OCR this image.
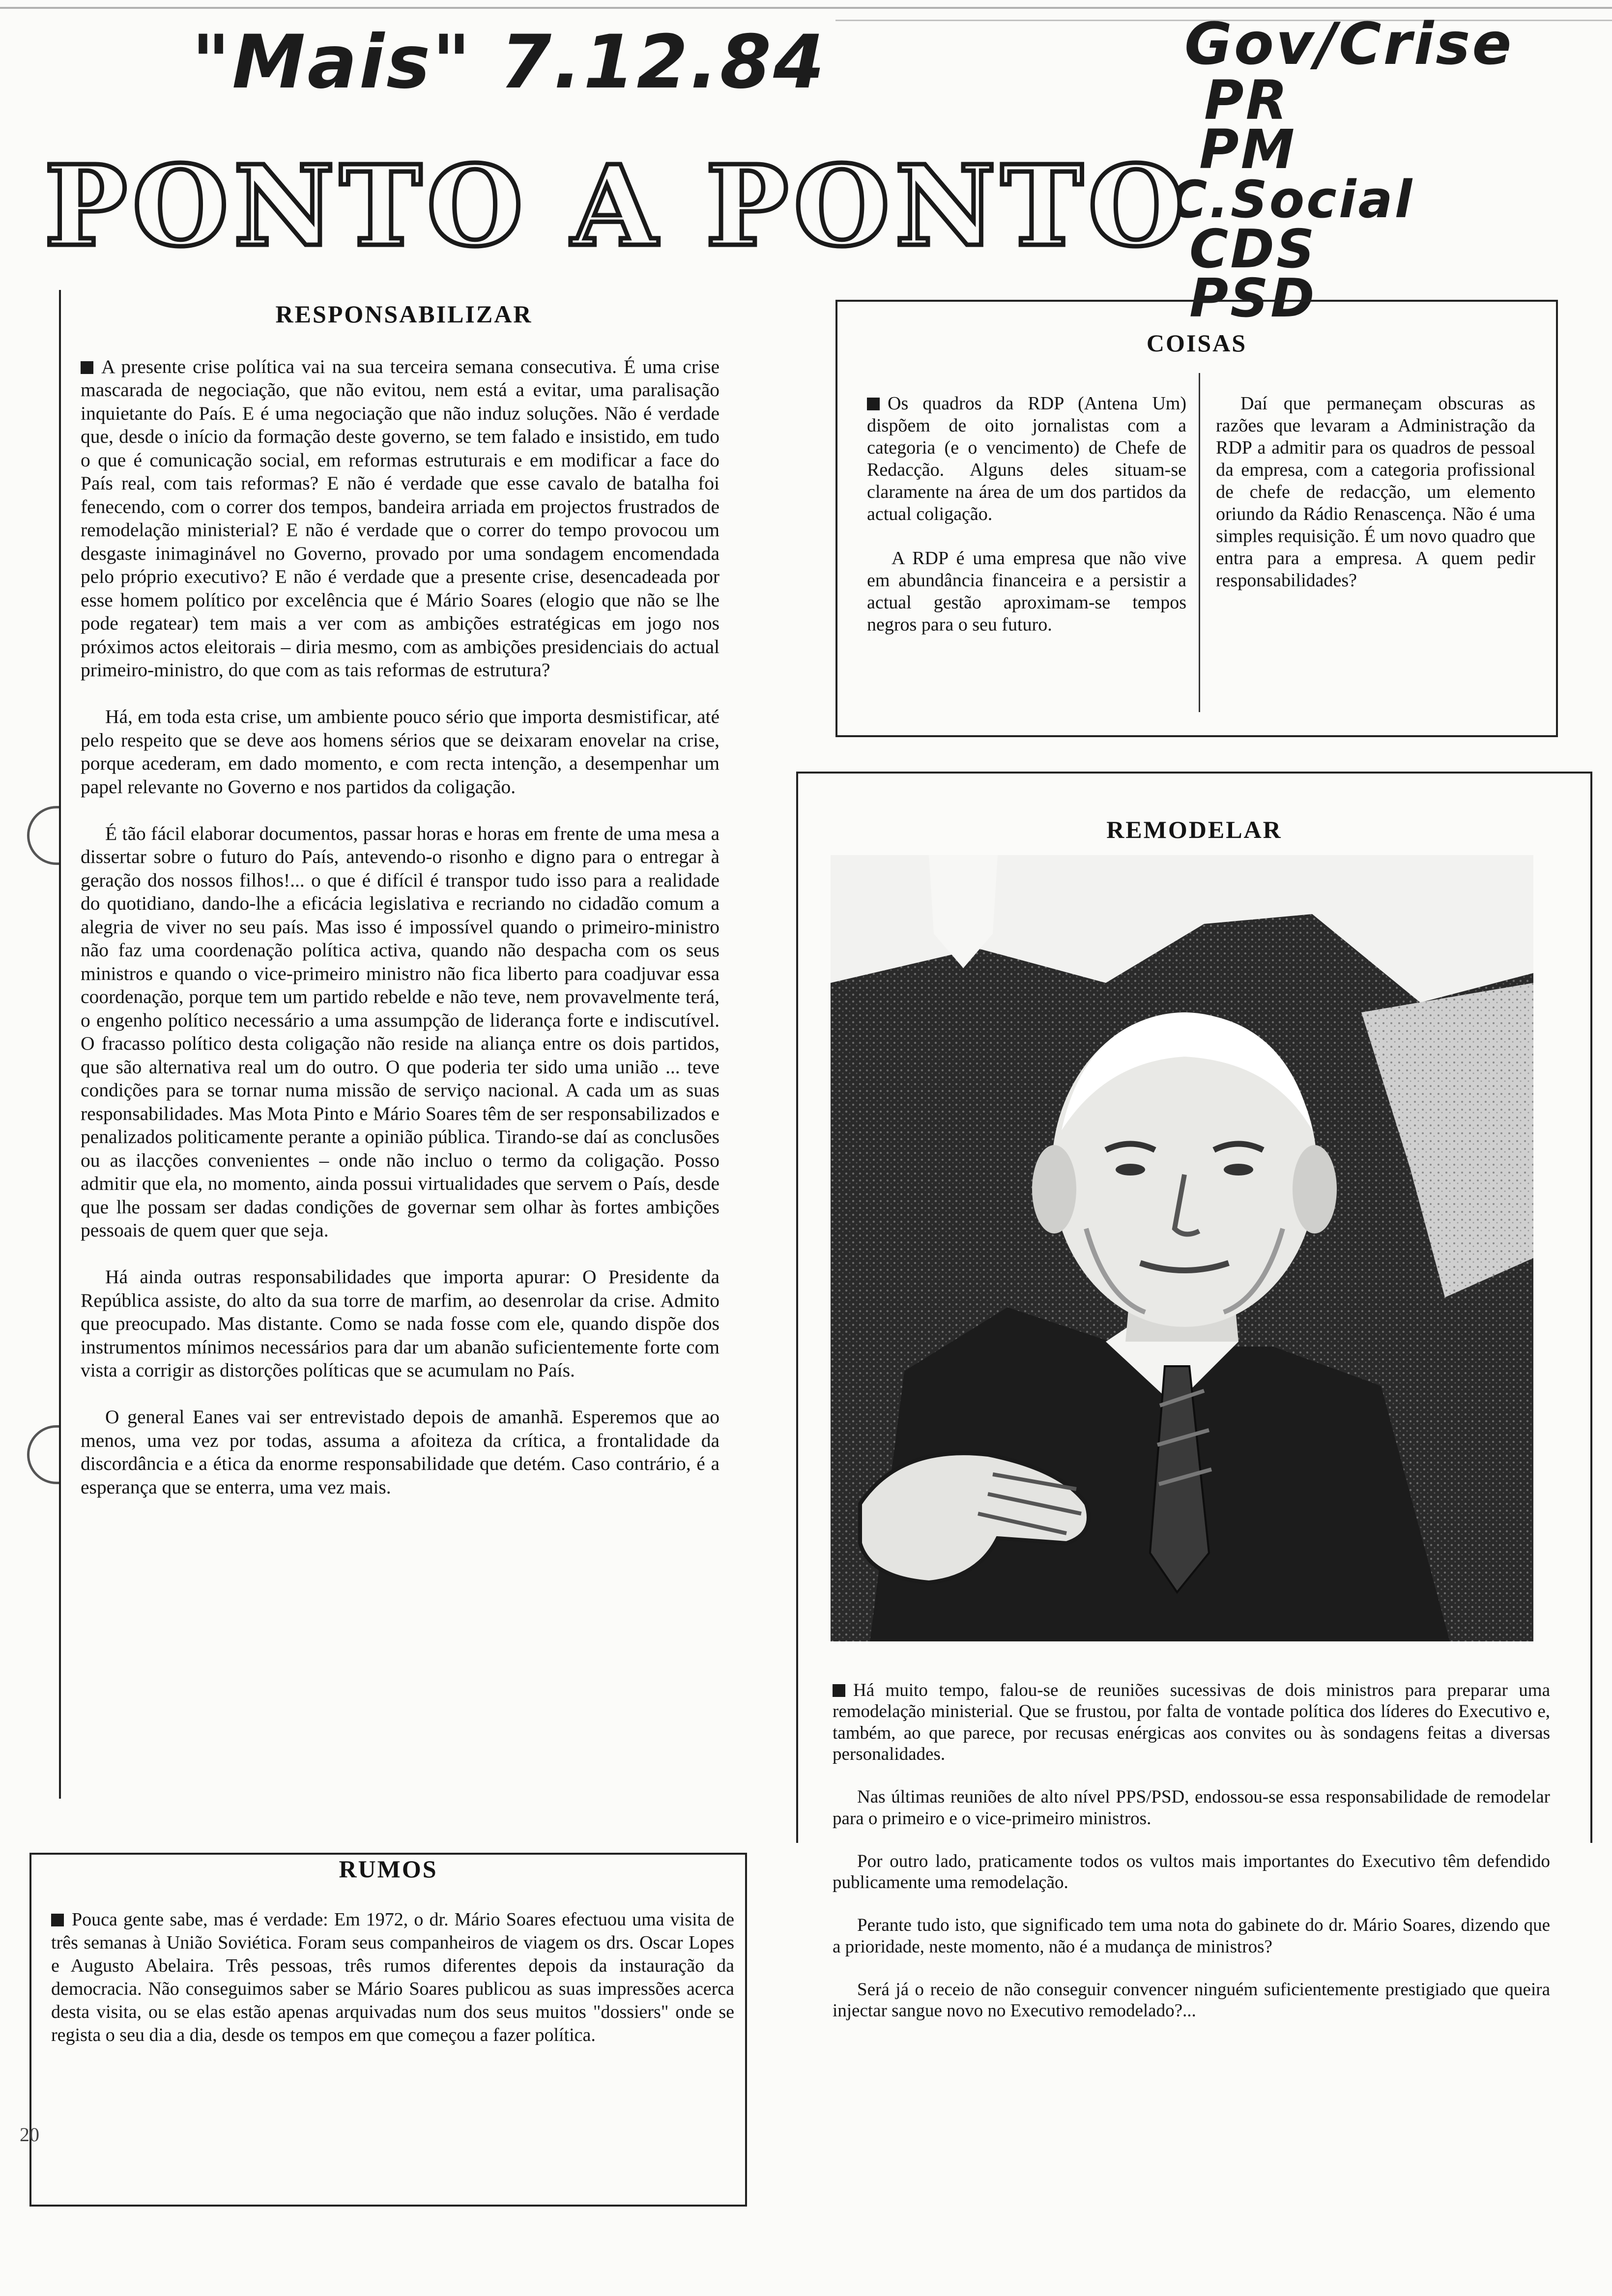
"Mais" 7.12.84	Gov/Crise
PR
PM
C.Social
CDS
PSD
PONTO A PONTO
RESPONSABILIZAR

A presente crise política vai na sua terceira semana consecutiva. É uma crise mascarada de negociação, que não evitou, nem está a evitar, uma paralisação inquietante do País. E é uma negociação que não induz soluções. Não é verdade que, desde o início da formação deste governo, se tem falado e insistido, em tudo o que é comunicação social, em reformas estruturais e em modificar a face do País real, com tais reformas? E não é verdade que esse cavalo de batalha foi fenecendo, com o correr dos tempos, bandeira arriada em projectos frustrados de remodelação ministerial? E não é verdade que o correr do tempo provocou um desgaste inimaginável no Governo, provado por uma sondagem encomendada pelo próprio executivo? E não é verdade que a presente crise, desencadeada por esse homem político por excelência que é Mário Soares (elogio que não se lhe pode regatear) tem mais a ver com as ambições estratégicas em jogo nos próximos actos eleitorais – diria mesmo, com as ambições presidenciais do actual primeiro-ministro, do que com as tais reformas de estrutura?

Há, em toda esta crise, um ambiente pouco sério que importa desmistificar, até pelo respeito que se deve aos homens sérios que se deixaram enovelar na crise, porque acederam, em dado momento, e com recta intenção, a desempenhar um papel relevante no Governo e nos partidos da coligação.

É tão fácil elaborar documentos, passar horas e horas em frente de uma mesa a dissertar sobre o futuro do País, antevendo-o risonho e digno para o entregar à geração dos nossos filhos!... o que é difícil é transpor tudo isso para a realidade do quotidiano, dando-lhe a eficácia legislativa e recriando no cidadão comum a alegria de viver no seu país. Mas isso é impossível quando o primeiro-ministro não faz uma coordenação política activa, quando não despacha com os seus ministros e quando o vice-primeiro ministro não fica liberto para coadjuvar essa coordenação, porque tem um partido rebelde e não teve, nem provavelmente terá, o engenho político necessário a uma assumpção de liderança forte e indiscutível. O fracasso político desta coligação não reside na aliança entre os dois partidos, que são alternativa real um do outro. O que poderia ter sido uma união ... teve condições para se tornar numa missão de serviço nacional. A cada um as suas responsabilidades. Mas Mota Pinto e Mário Soares têm de ser responsabilizados e penalizados politicamente perante a opinião pública. Tirando-se daí as conclusões ou as ilacções convenientes – onde não incluo o termo da coligação. Posso admitir que ela, no momento, ainda possui virtualidades que servem o País, desde que lhe possam ser dadas condições de governar sem olhar às fortes ambições pessoais de quem quer que seja.

Há ainda outras responsabilidades que importa apurar: O Presidente da República assiste, do alto da sua torre de marfim, ao desenrolar da crise. Admito que preocupado. Mas distante. Como se nada fosse com ele, quando dispõe dos instrumentos mínimos necessários para dar um abanão suficientemente forte com vista a corrigir as distorções políticas que se acumulam no País.

O general Eanes vai ser entrevistado depois de amanhã. Esperemos que ao menos, uma vez por todas, assuma a afoiteza da crítica, a frontalidade da discordância e a ética da enorme responsabilidade que detém. Caso contrário, é a esperança que se enterra, uma vez mais.

COISAS

Os quadros da RDP (Antena Um) dispõem de oito jornalistas com a categoria (e o vencimento) de Chefe de Redacção. Alguns deles situam-se claramente na área de um dos partidos da actual coligação.

A RDP é uma empresa que não vive em abundância financeira e a persistir a actual gestão aproximam-se tempos negros para o seu futuro.

Daí que permaneçam obscuras as razões que levaram a Administração da RDP a admitir para os quadros de pessoal da empresa, com a categoria profissional de chefe de redacção, um elemento oriundo da Rádio Renascença. Não é uma simples requisição. É um novo quadro que entra para a empresa. A quem pedir responsabilidades?

REMODELAR

Há muito tempo, falou-se de reuniões sucessivas de dois ministros para preparar uma remodelação ministerial. Que se frustou, por falta de vontade política dos líderes do Executivo e, também, ao que parece, por recusas enérgicas aos convites ou às sondagens feitas a diversas personalidades.

Nas últimas reuniões de alto nível PPS/PSD, endossou-se essa responsabilidade de remodelar para o primeiro e o vice-primeiro ministros.

Por outro lado, praticamente todos os vultos mais importantes do Executivo têm defendido publicamente uma remodelação.

Perante tudo isto, que significado tem uma nota do gabinete do dr. Mário Soares, dizendo que a prioridade, neste momento, não é a mudança de ministros?

Será já o receio de não conseguir convencer ninguém suficientemente prestigiado que queira injectar sangue novo no Executivo remodelado?...

RUMOS

Pouca gente sabe, mas é verdade: Em 1972, o dr. Mário Soares efectuou uma visita de três semanas à União Soviética. Foram seus companheiros de viagem os drs. Oscar Lopes e Augusto Abelaira. Três pessoas, três rumos diferentes depois da instauração da democracia. Não conseguimos saber se Mário Soares publicou as suas impressões acerca desta visita, ou se elas estão apenas arquivadas num dos seus muitos "dossiers" onde se regista o seu dia a dia, desde os tempos em que começou a fazer política.

20
